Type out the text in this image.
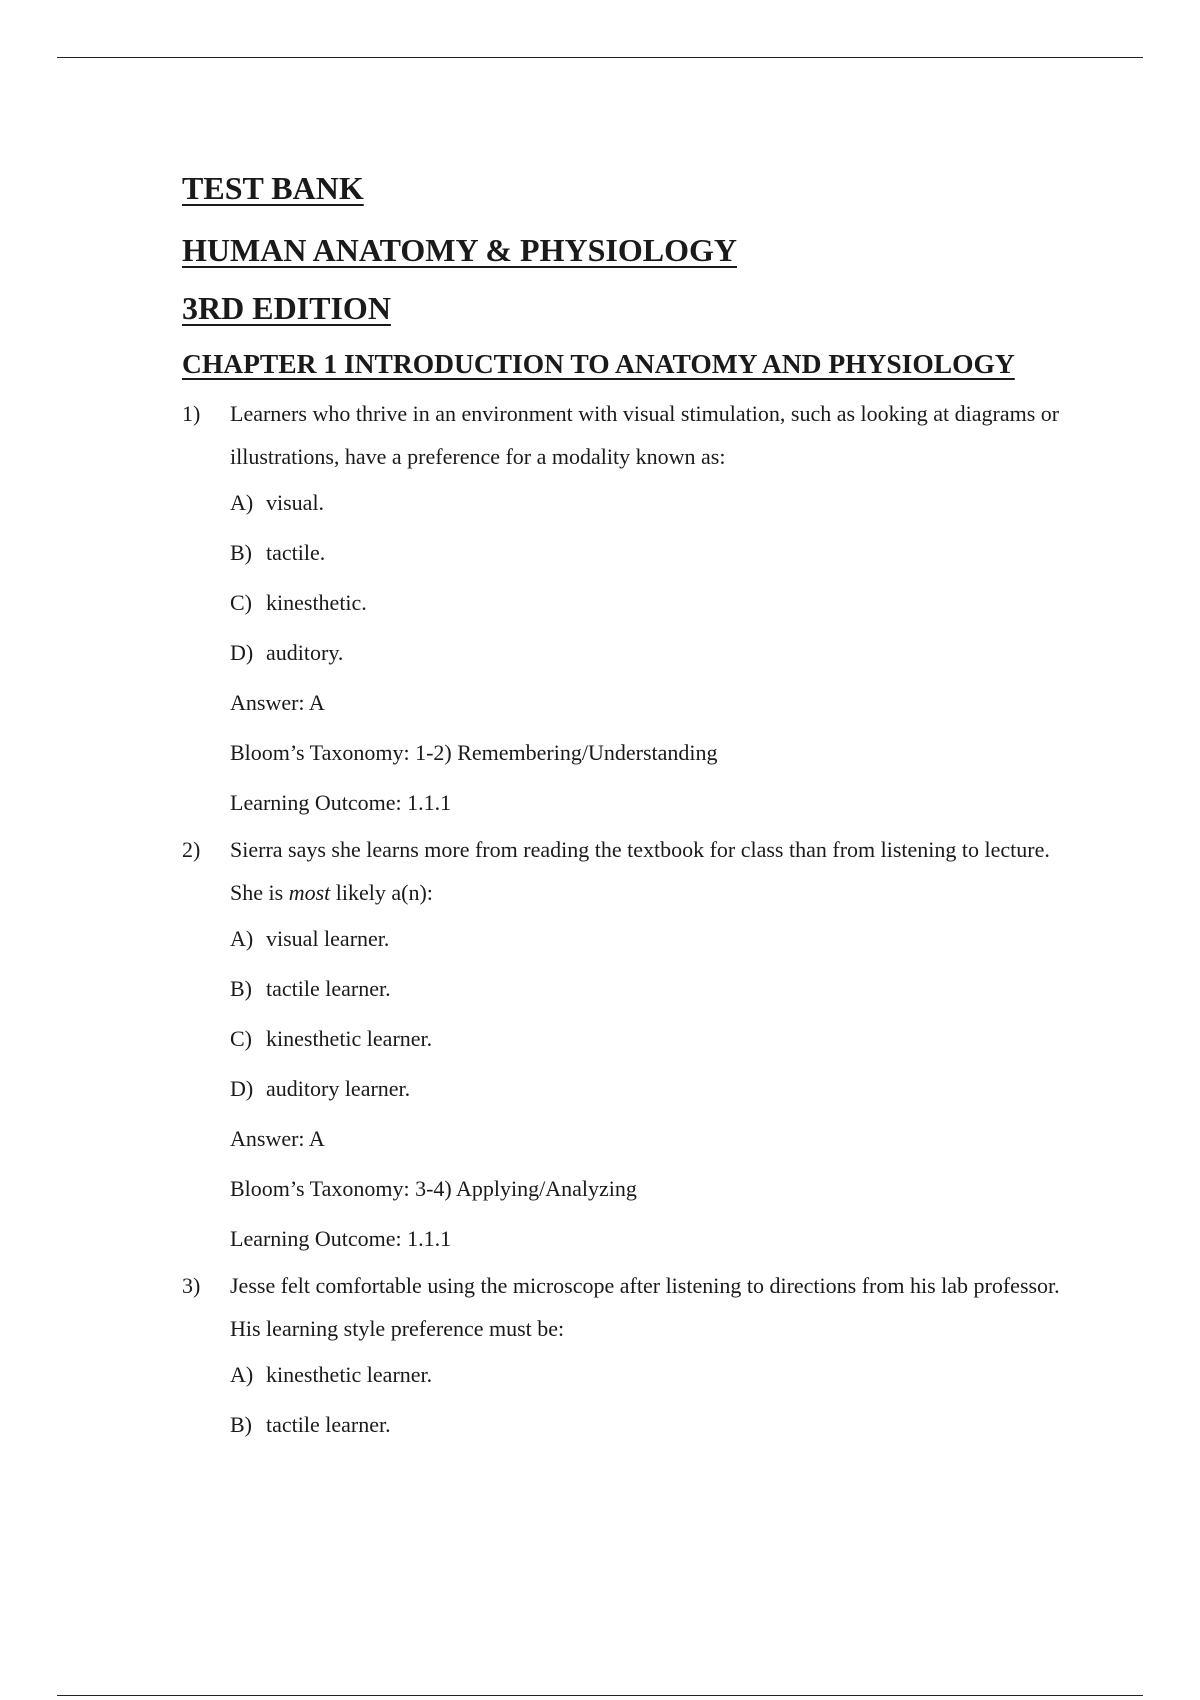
TEST BANK
HUMAN ANATOMY & PHYSIOLOGY
3RD EDITION
CHAPTER 1 INTRODUCTION TO ANATOMY AND PHYSIOLOGY
1) Learners who thrive in an environment with visual stimulation, such as looking at diagrams or illustrations, have a preference for a modality known as:

A) visual.

B) tactile.

C) kinesthetic.

D) auditory.

Answer: A

Bloom’s Taxonomy: 1-2) Remembering/Understanding

Learning Outcome: 1.1.1

2) Sierra says she learns more from reading the textbook for class than from listening to lecture. She is most likely a(n):

A) visual learner.

B) tactile learner.

C) kinesthetic learner.

D) auditory learner.

Answer: A

Bloom’s Taxonomy: 3-4) Applying/Analyzing

Learning Outcome: 1.1.1

3) Jesse felt comfortable using the microscope after listening to directions from his lab professor. His learning style preference must be:

A) kinesthetic learner.

B) tactile learner.
